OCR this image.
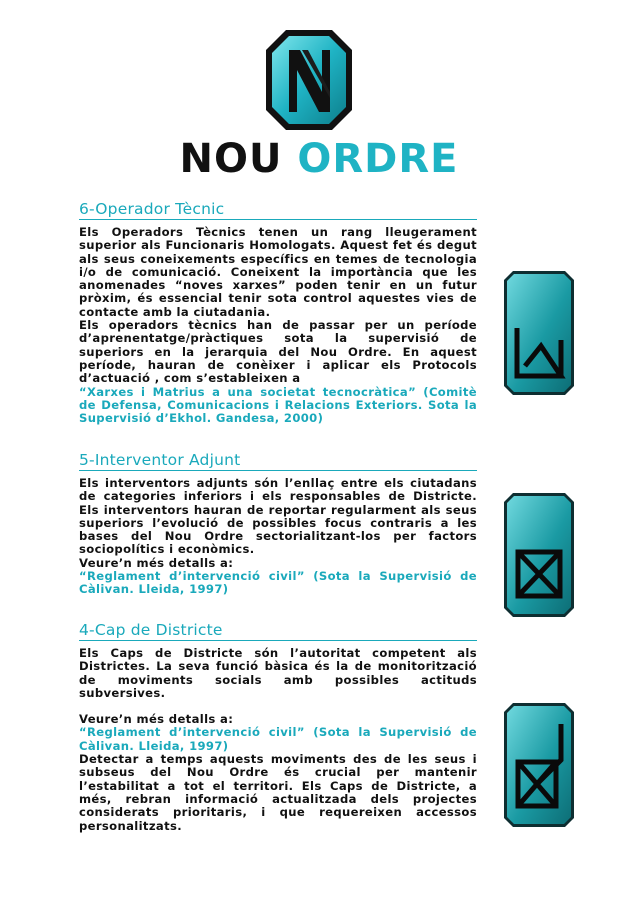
NOU ORDRE
6-Operador Tècnic

Els Operadors Tècnics tenen un rang lleugerament superior als Funcionaris Homologats. Aquest fet és degut als seus coneixements específics en temes de tecnologia i/o de comunicació. Coneixent la importància que les anomenades “noves xarxes” poden tenir en un futur pròxim, és essencial tenir sota control aquestes vies de contacte amb la ciutadania.

Els operadors tècnics han de passar per un període d’aprenentatge/pràctiques sota la supervisió de superiors en la jerarquia del Nou Ordre. En aquest període, hauran de conèixer i aplicar els Protocols d’actuació , com s’estableixen a

“Xarxes i Matrius a una societat tecnocràtica” (Comitè de Defensa, Comunicacions i Relacions Exteriors. Sota la Supervisió d’Ekhol. Gandesa, 2000)

5-Interventor Adjunt

Els interventors adjunts són l’enllaç entre els ciutadans de categories inferiors i els responsables de Districte. Els interventors hauran de reportar regularment als seus superiors l’evolució de possibles focus contraris a les bases del Nou Ordre sectorialitzant-los per factors sociopolítics i econòmics.

Veure’n més detalls a:

“Reglament d’intervenció civil” (Sota la Supervisió de Càlivan. Lleida, 1997)

4-Cap de Districte

Els Caps de Districte són l’autoritat competent als Districtes. La seva funció bàsica és la de monitorització de moviments socials amb possibles actituds subversives.

Veure’n més detalls a:

“Reglament d’intervenció civil” (Sota la Supervisió de Càlivan. Lleida, 1997)

Detectar a temps aquests moviments des de les seus i subseus del Nou Ordre és crucial per mantenir l’estabilitat a tot el territori. Els Caps de Districte, a més, rebran informació actualitzada dels projectes considerats prioritaris, i que requereixen accessos personalitzats.
